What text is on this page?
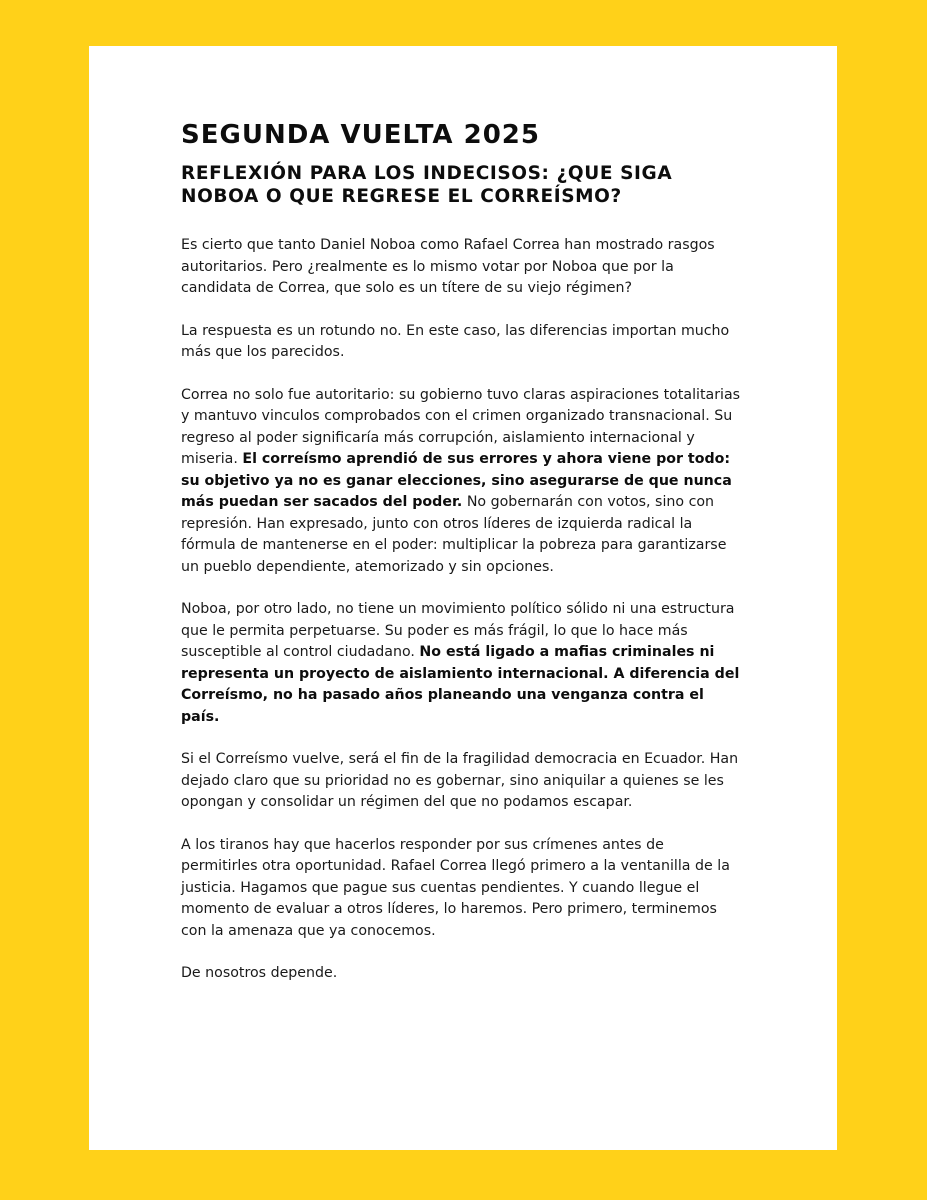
SEGUNDA VUELTA 2025
REFLEXIÓN PARA LOS INDECISOS: ¿QUE SIGA NOBOA O QUE REGRESE EL CORREÍSMO?

Es cierto que tanto Daniel Noboa como Rafael Correa han mostrado rasgos autoritarios. Pero ¿realmente es lo mismo votar por Noboa que por la candidata de Correa, que solo es un títere de su viejo régimen?

La respuesta es un rotundo no. En este caso, las diferencias importan mucho más que los parecidos.

Correa no solo fue autoritario: su gobierno tuvo claras aspiraciones totalitarias y mantuvo vinculos comprobados con el crimen organizado transnacional. Su regreso al poder significaría más corrupción, aislamiento internacional y miseria. El correísmo aprendió de sus errores y ahora viene por todo: su objetivo ya no es ganar elecciones, sino asegurarse de que nunca más puedan ser sacados del poder. No gobernarán con votos, sino con represión. Han expresado, junto con otros líderes de izquierda radical la fórmula de mantenerse en el poder: multiplicar la pobreza para garantizarse un pueblo dependiente, atemorizado y sin opciones.

Noboa, por otro lado, no tiene un movimiento político sólido ni una estructura que le permita perpetuarse. Su poder es más frágil, lo que lo hace más susceptible al control ciudadano. No está ligado a mafias criminales ni representa un proyecto de aislamiento internacional. A diferencia del Correísmo, no ha pasado años planeando una venganza contra el país.

Si el Correísmo vuelve, será el fin de la fragilidad democracia en Ecuador. Han dejado claro que su prioridad no es gobernar, sino aniquilar a quienes se les opongan y consolidar un régimen del que no podamos escapar.

A los tiranos hay que hacerlos responder por sus crímenes antes de permitirles otra oportunidad. Rafael Correa llegó primero a la ventanilla de la justicia. Hagamos que pague sus cuentas pendientes. Y cuando llegue el momento de evaluar a otros líderes, lo haremos. Pero primero, terminemos con la amenaza que ya conocemos.

De nosotros depende.
